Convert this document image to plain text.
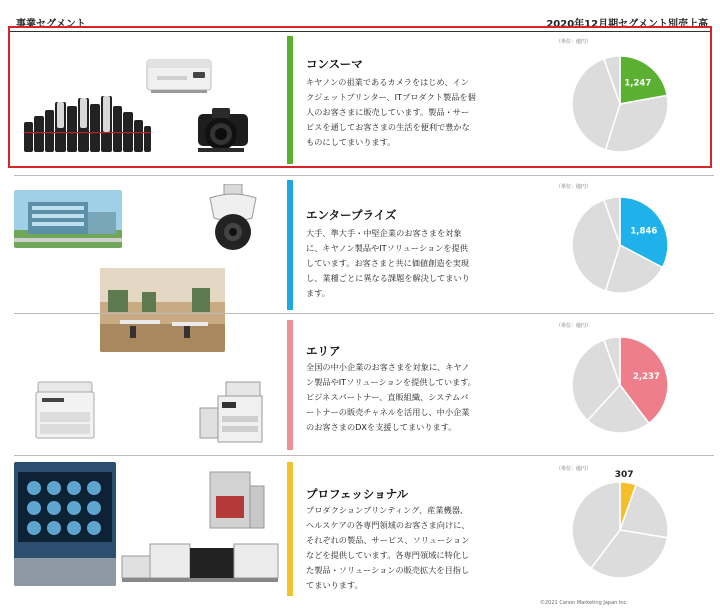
事業セグメント	2020年12月期セグメント別売上高
コンスーマ
キヤノンの祖業であるカメラをはじめ、インクジェットプリンター、ITプロダクト製品を個人のお客さまに販売しています。製品・サービスを通してお客さまの生活を便利で豊かなものにしてまいります。
（単位：億円）
1,247
エンタープライズ
大手、準大手・中堅企業のお客さまを対象に、キヤノン製品やITソリューションを提供しています。お客さまと共に価値創造を実現し、業種ごとに異なる課題を解決してまいります。
（単位：億円）
1,846
エリア
全国の中小企業のお客さまを対象に、キヤノン製品やITソリューションを提供しています。ビジネスパートナー、直販組織、システムパートナーの販売チャネルを活用し、中小企業のお客さまのDXを支援してまいります。
（単位：億円）
2,237
プロフェッショナル
プロダクションプリンティング、産業機器、ヘルスケアの各専門領域のお客さま向けに、それぞれの製品、サービス、ソリューションなどを提供しています。各専門領域に特化した製品・ソリューションの販売拡大を目指してまいります。
（単位：億円）
307
©2021 Canon Marketing Japan Inc.
